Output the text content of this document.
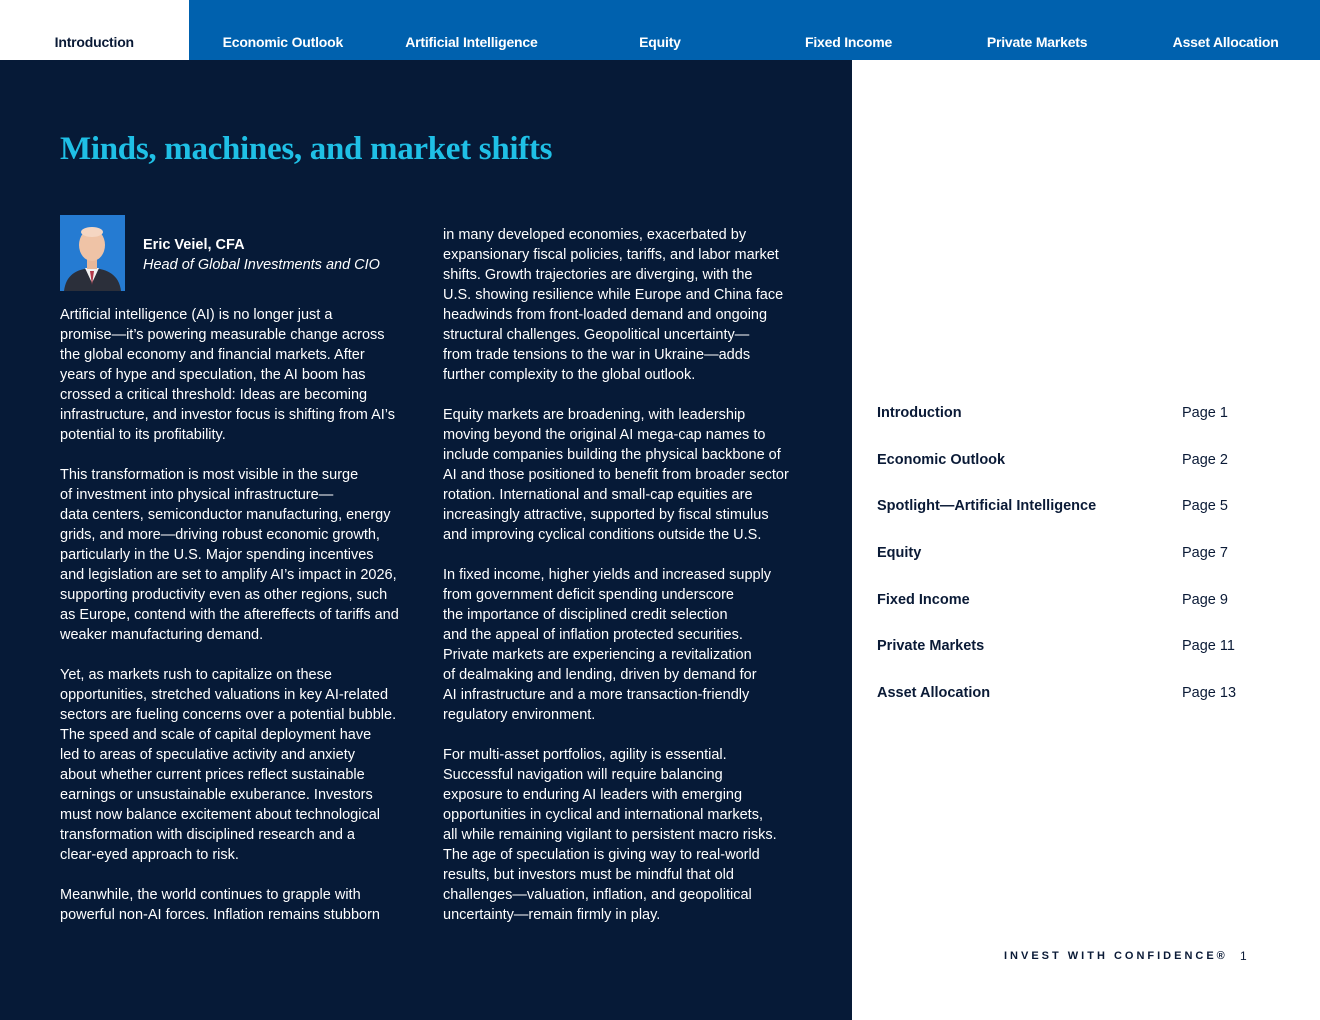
Introduction	Economic Outlook	Artificial Intelligence	Equity	Fixed Income	Private Markets	Asset Allocation
Minds, machines, and market shifts
Eric Veiel, CFA
Head of Global Investments and CIO

Artificial intelligence (AI) is no longer just a
promise—it’s powering measurable change across
the global economy and financial markets. After
years of hype and speculation, the AI boom has
crossed a critical threshold: Ideas are becoming
infrastructure, and investor focus is shifting from AI’s
potential to its profitability.

This transformation is most visible in the surge
of investment into physical infrastructure—
data centers, semiconductor manufacturing, energy
grids, and more—driving robust economic growth,
particularly in the U.S. Major spending incentives
and legislation are set to amplify AI’s impact in 2026,
supporting productivity even as other regions, such
as Europe, contend with the aftereffects of tariffs and
weaker manufacturing demand.

Yet, as markets rush to capitalize on these
opportunities, stretched valuations in key AI-related
sectors are fueling concerns over a potential bubble.
The speed and scale of capital deployment have
led to areas of speculative activity and anxiety
about whether current prices reflect sustainable
earnings or unsustainable exuberance. Investors
must now balance excitement about technological
transformation with disciplined research and a
clear-eyed approach to risk.

Meanwhile, the world continues to grapple with
powerful non-AI forces. Inflation remains stubborn

in many developed economies, exacerbated by
expansionary fiscal policies, tariffs, and labor market
shifts. Growth trajectories are diverging, with the
U.S. showing resilience while Europe and China face
headwinds from front-loaded demand and ongoing
structural challenges. Geopolitical uncertainty—
from trade tensions to the war in Ukraine—adds
further complexity to the global outlook.

Equity markets are broadening, with leadership
moving beyond the original AI mega-cap names to
include companies building the physical backbone of
AI and those positioned to benefit from broader sector
rotation. International and small-cap equities are
increasingly attractive, supported by fiscal stimulus
and improving cyclical conditions outside the U.S.

In fixed income, higher yields and increased supply
from government deficit spending underscore
the importance of disciplined credit selection
and the appeal of inflation protected securities.
Private markets are experiencing a revitalization
of dealmaking and lending, driven by demand for
AI infrastructure and a more transaction-friendly
regulatory environment.

For multi-asset portfolios, agility is essential.
Successful navigation will require balancing
exposure to enduring AI leaders with emerging
opportunities in cyclical and international markets,
all while remaining vigilant to persistent macro risks.
The age of speculation is giving way to real-world
results, but investors must be mindful that old
challenges—valuation, inflation, and geopolitical
uncertainty—remain firmly in play.

Introduction	Page 1
Economic Outlook	Page 2
Spotlight—Artificial Intelligence	Page 5
Equity	Page 7
Fixed Income	Page 9
Private Markets	Page 11
Asset Allocation	Page 13
INVEST WITH CONFIDENCE® 1
